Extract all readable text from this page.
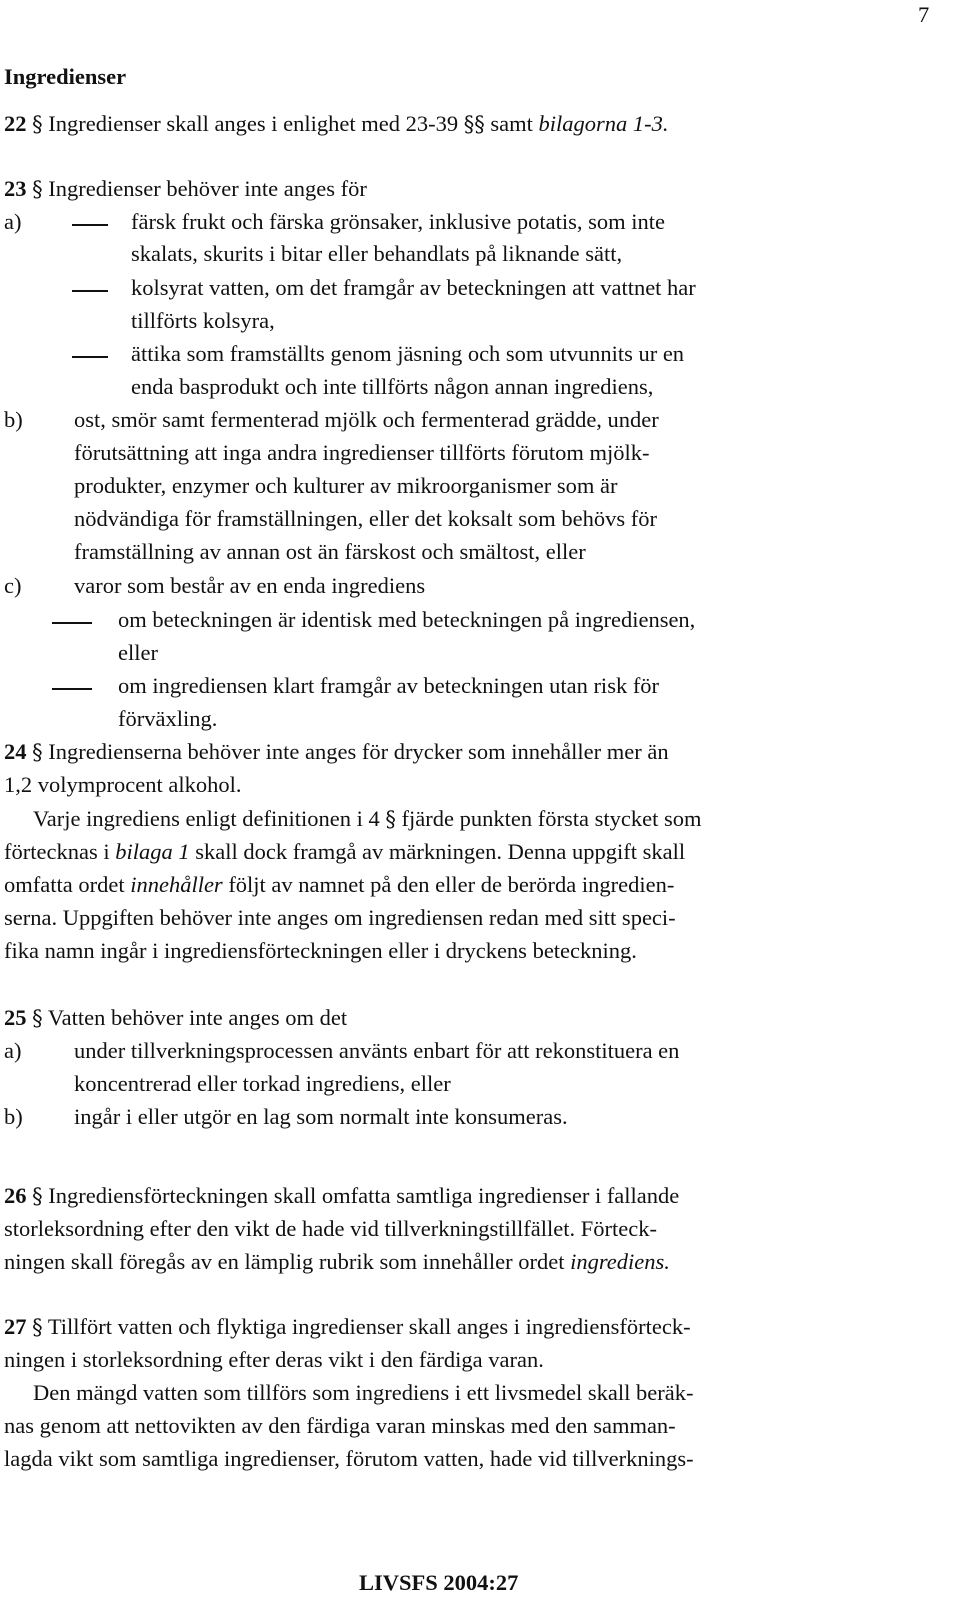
7
Ingredienser
22 § Ingredienser skall anges i enlighet med 23-39 §§ samt bilagorna 1-3.
23 § Ingredienser behöver inte anges för
a)	färsk frukt och färska grönsaker, inklusive potatis, som inte
skalats, skurits i bitar eller behandlats på liknande sätt,
kolsyrat vatten, om det framgår av beteckningen att vattnet har
tillförts kolsyra,
ättika som framställts genom jäsning och som utvunnits ur en
enda basprodukt och inte tillförts någon annan ingrediens,
b) ost, smör samt fermenterad mjölk och fermenterad grädde, under
förutsättning att inga andra ingredienser tillförts förutom mjölk-
produkter, enzymer och kulturer av mikroorganismer som är
nödvändiga för framställningen, eller det koksalt som behövs för
framställning av annan ost än färskost och smältost, eller
c) varor som består av en enda ingrediens
om beteckningen är identisk med beteckningen på ingrediensen,
eller
om ingrediensen klart framgår av beteckningen utan risk för
förväxling.
24 § Ingredienserna behöver inte anges för drycker som innehåller mer än
1,2 volymprocent alkohol.
Varje ingrediens enligt definitionen i 4 § fjärde punkten första stycket som
förtecknas i bilaga 1 skall dock framgå av märkningen. Denna uppgift skall
omfatta ordet innehåller följt av namnet på den eller de berörda ingredien-
serna. Uppgiften behöver inte anges om ingrediensen redan med sitt speci-
fika namn ingår i ingrediensförteckningen eller i dryckens beteckning.
25 § Vatten behöver inte anges om det
a) under tillverkningsprocessen använts enbart för att rekonstituera en
koncentrerad eller torkad ingrediens, eller
b) ingår i eller utgör en lag som normalt inte konsumeras.
26 § Ingrediensförteckningen skall omfatta samtliga ingredienser i fallande
storleksordning efter den vikt de hade vid tillverkningstillfället. Förteck-
ningen skall föregås av en lämplig rubrik som innehåller ordet ingrediens.
27 § Tillfört vatten och flyktiga ingredienser skall anges i ingrediensförteck-
ningen i storleksordning efter deras vikt i den färdiga varan.
Den mängd vatten som tillförs som ingrediens i ett livsmedel skall beräk-
nas genom att nettovikten av den färdiga varan minskas med den samman-
lagda vikt som samtliga ingredienser, förutom vatten, hade vid tillverknings-
LIVSFS 2004:27
